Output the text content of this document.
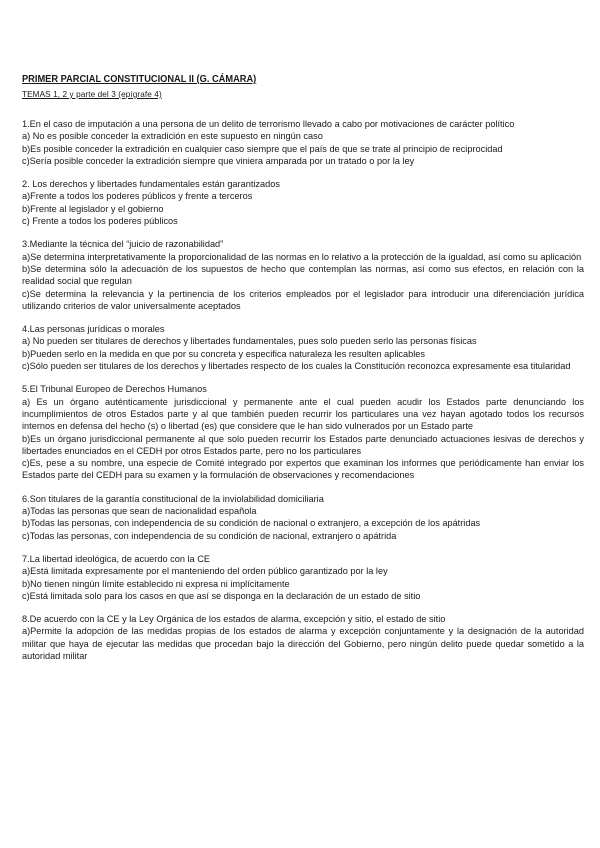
PRIMER PARCIAL CONSTITUCIONAL II (G. CÁMARA)

TEMAS 1, 2 y parte del 3 (epígrafe 4)

1.En el caso de imputación a una persona de un delito de terrorismo llevado a cabo por motivaciones de carácter político

a) No es posible conceder la extradición en este supuesto en ningún caso

b)Es posible conceder la extradición en cualquier caso siempre que el país de que se trate al principio de reciprocidad

c)Sería posible conceder la extradición siempre que viniera amparada por un tratado o por la ley

2. Los derechos y libertades fundamentales están garantizados

a)Frente a todos los poderes públicos y frente a terceros

b)Frente al legislador y el gobierno

c) Frente a todos los poderes públicos

3.Mediante la técnica del “juicio de razonabilidad”

a)Se determina interpretativamente la proporcionalidad de las normas en lo relativo a la protección de la igualdad, así como su aplicación

b)Se determina sólo la adecuación de los supuestos de hecho que contemplan las normas, así como sus efectos, en relación con la realidad social que regulan

c)Se determina la relevancia y la pertinencia de los criterios empleados por el legislador para introducir una diferenciación jurídica utilizando criterios de valor universalmente aceptados

4.Las personas jurídicas o morales

a) No pueden ser titulares de derechos y libertades fundamentales, pues solo pueden serlo las personas físicas

b)Pueden serlo en la medida en que por su concreta y especifica naturaleza les resulten aplicables

c)Sólo pueden ser titulares de los derechos y libertades respecto de los cuales la Constitución reconozca expresamente esa titularidad

5.El Tribunal Europeo de Derechos Humanos

a) Es un órgano auténticamente jurisdiccional y permanente ante el cual pueden acudir los Estados parte denunciando los incumplimientos de otros Estados parte y al que también pueden recurrir los particulares una vez hayan agotado todos los recursos internos en defensa del hecho (s) o libertad (es) que considere que le han sido vulnerados por un Estado parte

b)Es un órgano jurisdiccional permanente al que solo pueden recurrir los Estados parte denunciado actuaciones lesivas de derechos y libertades enunciados en el CEDH por otros Estados parte, pero no los particulares

c)Es, pese a su nombre, una especie de Comité integrado por expertos que examinan los informes que periódicamente han enviar los Estados parte del CEDH para su examen y la formulación de observaciones y recomendaciones

6.Son titulares de la garantía constitucional de la inviolabilidad domiciliaria

a)Todas las personas que sean de nacionalidad española

b)Todas las personas, con independencia de su condición de nacional o extranjero, a excepción de los apátridas

c)Todas las personas, con independencia de su condición de nacional, extranjero o apátrida

7.La libertad ideológica, de acuerdo con la CE

a)Está limitada expresamente por el manteniendo del orden público garantizado por la ley

b)No tienen ningún límite establecido ni expresa ni implícitamente

c)Está limitada solo para los casos en que así se disponga en la declaración de un estado de sitio

8.De acuerdo con la CE y la Ley Orgánica de los estados de alarma, excepción y sitio, el estado de sitio

a)Permite la adopción de las medidas propias de los estados de alarma y excepción conjuntamente y la designación de la autoridad militar que haya de ejecutar las medidas que procedan bajo la dirección del Gobierno, pero ningún delito puede quedar sometido a la autoridad militar
